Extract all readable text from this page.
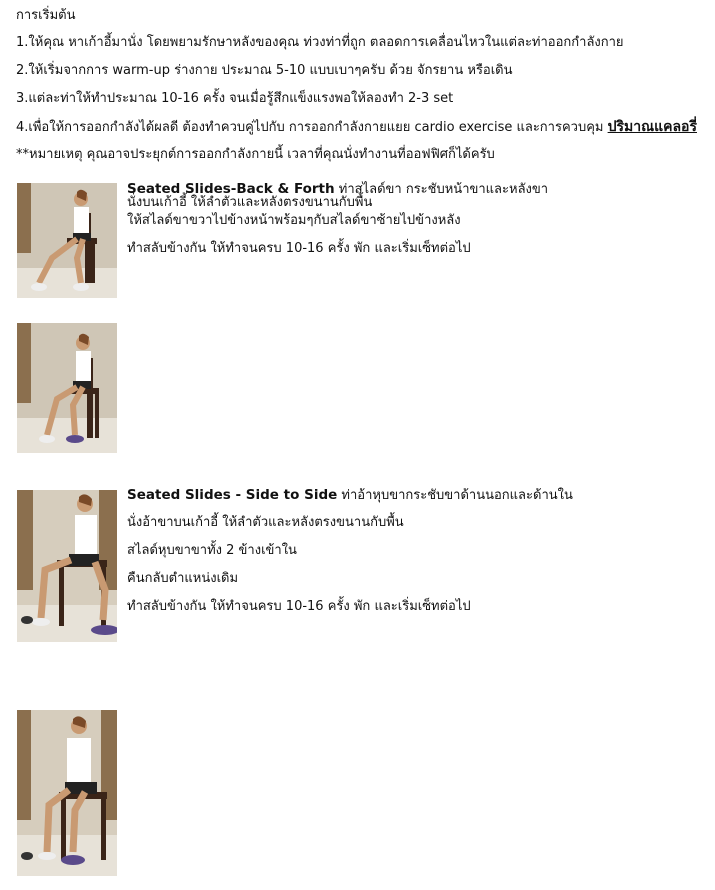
การเริ่มต้น
1.ให้คุณ หาเก้าอี้มานั่ง โดยพยามรักษาหลังของคุณ ท่วงท่าที่ถูก ตลอดการเคลื่อนไหวในแต่ละท่าออกกำลังกาย
2.ให้เริ่มจากการ warm-up ร่างกาย ประมาณ 5-10 แบบเบาๆครับ ด้วย จักรยาน หรือเดิน
3.แต่ละท่าให้ทำประมาณ 10-16 ครั้ง จนเมื่อรู้สึกแข็งแรงพอให้ลองทำ 2-3 set
4.เพื่อให้การออกกำลังได้ผลดี ต้องทำควบคู่ไปกับ การออกกำลังกายแยย cardio exercise และการควบคุม ปริมาณแคลอรี่
**หมายเหตุ คุณอาจประยุกต์การออกกำลังกายนี้ เวลาที่คุณนั่งทำงานที่ออฟฟิศก็ได้ครับ
Seated Slides-Back & Forth ท่าสไลด์ขา กระชับหน้าขาและหลังขา
นั่งบนเก้าอี้ ให้ลำตัวและหลังตรงขนานกับพื้น
ให้สไลด์ขาขวาไปข้างหน้าพร้อมๆกับสไลด์ขาซ้ายไปข้างหลัง
ทำสลับข้างกัน ให้ทำจนครบ 10-16 ครั้ง พัก และเริ่มเซ็ทต่อไป
Seated Slides - Side to Side ท่าอ้าหุบขากระชับขาด้านนอกและด้านใน
นั่งอ้าขาบนเก้าอี้ ให้ลำตัวและหลังตรงขนานกับพื้น
สไลด์หุบขาขาทั้ง 2 ข้างเข้าใน
คืนกลับตำแหน่งเดิม
ทำสลับข้างกัน ให้ทำจนครบ 10-16 ครั้ง พัก และเริ่มเซ็ทต่อไป
